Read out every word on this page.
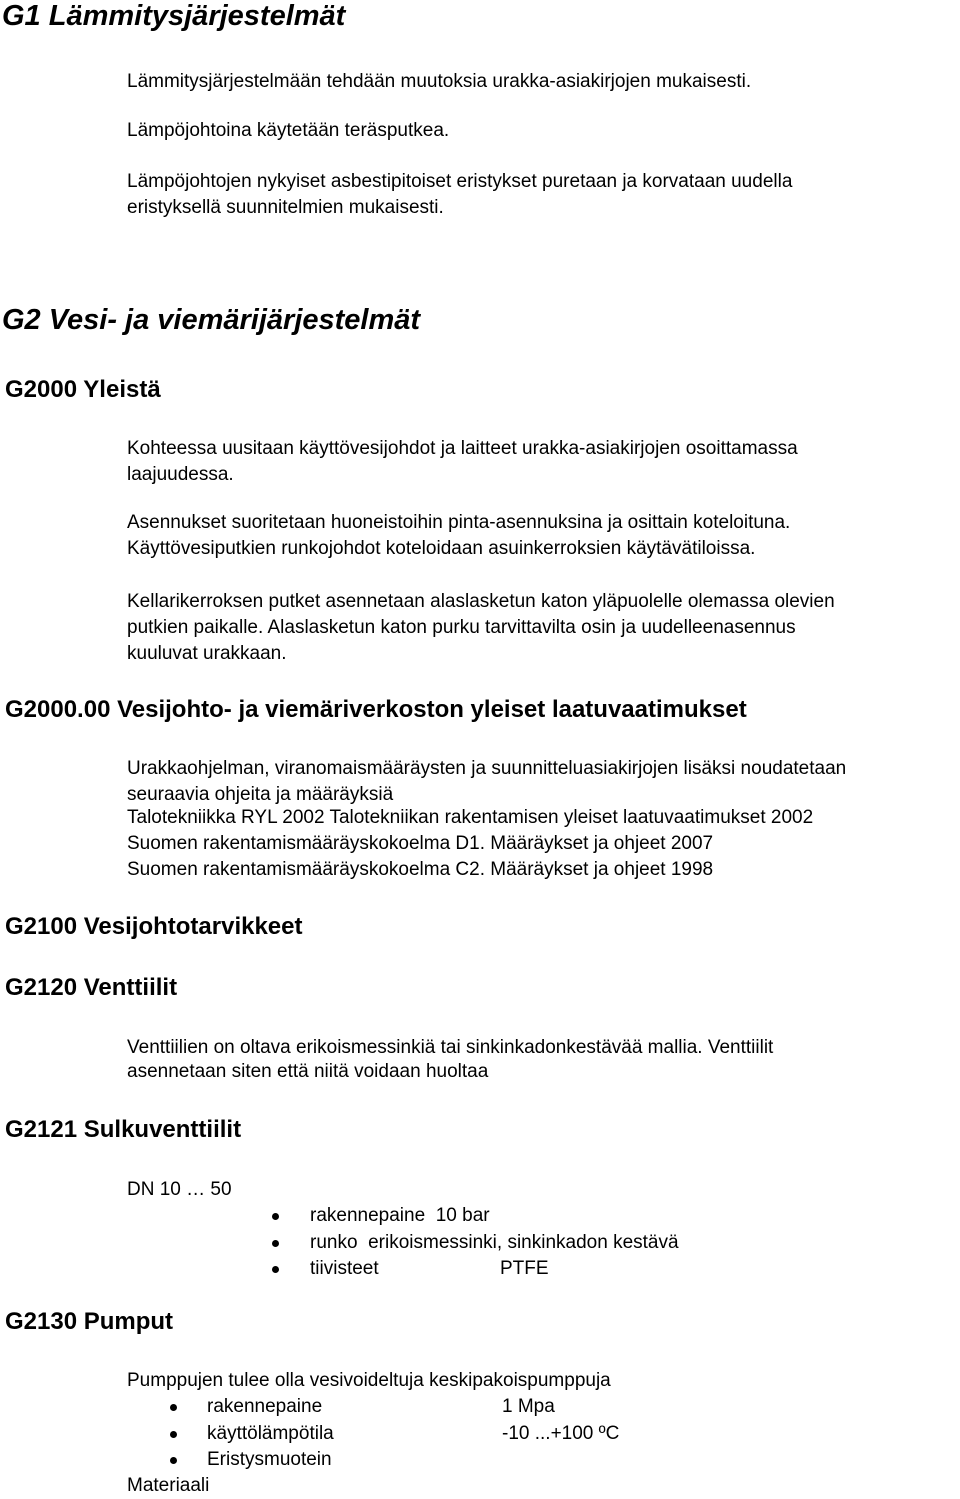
G1 Lämmitysjärjestelmät
Lämmitysjärjestelmään tehdään muutoksia urakka-asiakirjojen mukaisesti.
Lämpöjohtoina käytetään teräsputkea.
Lämpöjohtojen nykyiset asbestipitoiset eristykset puretaan ja korvataan uudella
eristyksellä suunnitelmien mukaisesti.
G2 Vesi- ja viemärijärjestelmät
G2000 Yleistä
Kohteessa uusitaan käyttövesijohdot ja laitteet urakka-asiakirjojen osoittamassa
laajuudessa.
Asennukset suoritetaan huoneistoihin pinta-asennuksina ja osittain koteloituna.
Käyttövesiputkien runkojohdot koteloidaan asuinkerroksien käytävätiloissa.
Kellarikerroksen putket asennetaan alaslasketun katon yläpuolelle olemassa olevien
putkien paikalle. Alaslasketun katon purku tarvittavilta osin ja uudelleenasennus
kuuluvat urakkaan.
G2000.00 Vesijohto- ja viemäriverkoston yleiset laatuvaatimukset
Urakkaohjelman, viranomaismääräysten ja suunnitteluasiakirjojen lisäksi noudatetaan
seuraavia ohjeita ja määräyksiä
Talotekniikka RYL 2002 Talotekniikan rakentamisen yleiset laatuvaatimukset 2002
Suomen rakentamismääräyskokoelma D1. Määräykset ja ohjeet 2007
Suomen rakentamismääräyskokoelma C2. Määräykset ja ohjeet 1998
G2100 Vesijohtotarvikkeet
G2120 Venttiilit
Venttiilien on oltava erikoismessinkiä tai sinkinkadonkestävää mallia. Venttiilit
asennetaan siten että niitä voidaan huoltaa
G2121 Sulkuventtiilit
DN 10 … 50
rakennepaine 10 bar
runko erikoismessinki, sinkinkadon kestävä
tiivisteet	PTFE
G2130 Pumput
Pumppujen tulee olla vesivoideltuja keskipakoispumppuja
rakennepaine	1 Mpa
käyttölämpötila	-10 ...+100 ºC
Eristysmuotein
Materiaali
